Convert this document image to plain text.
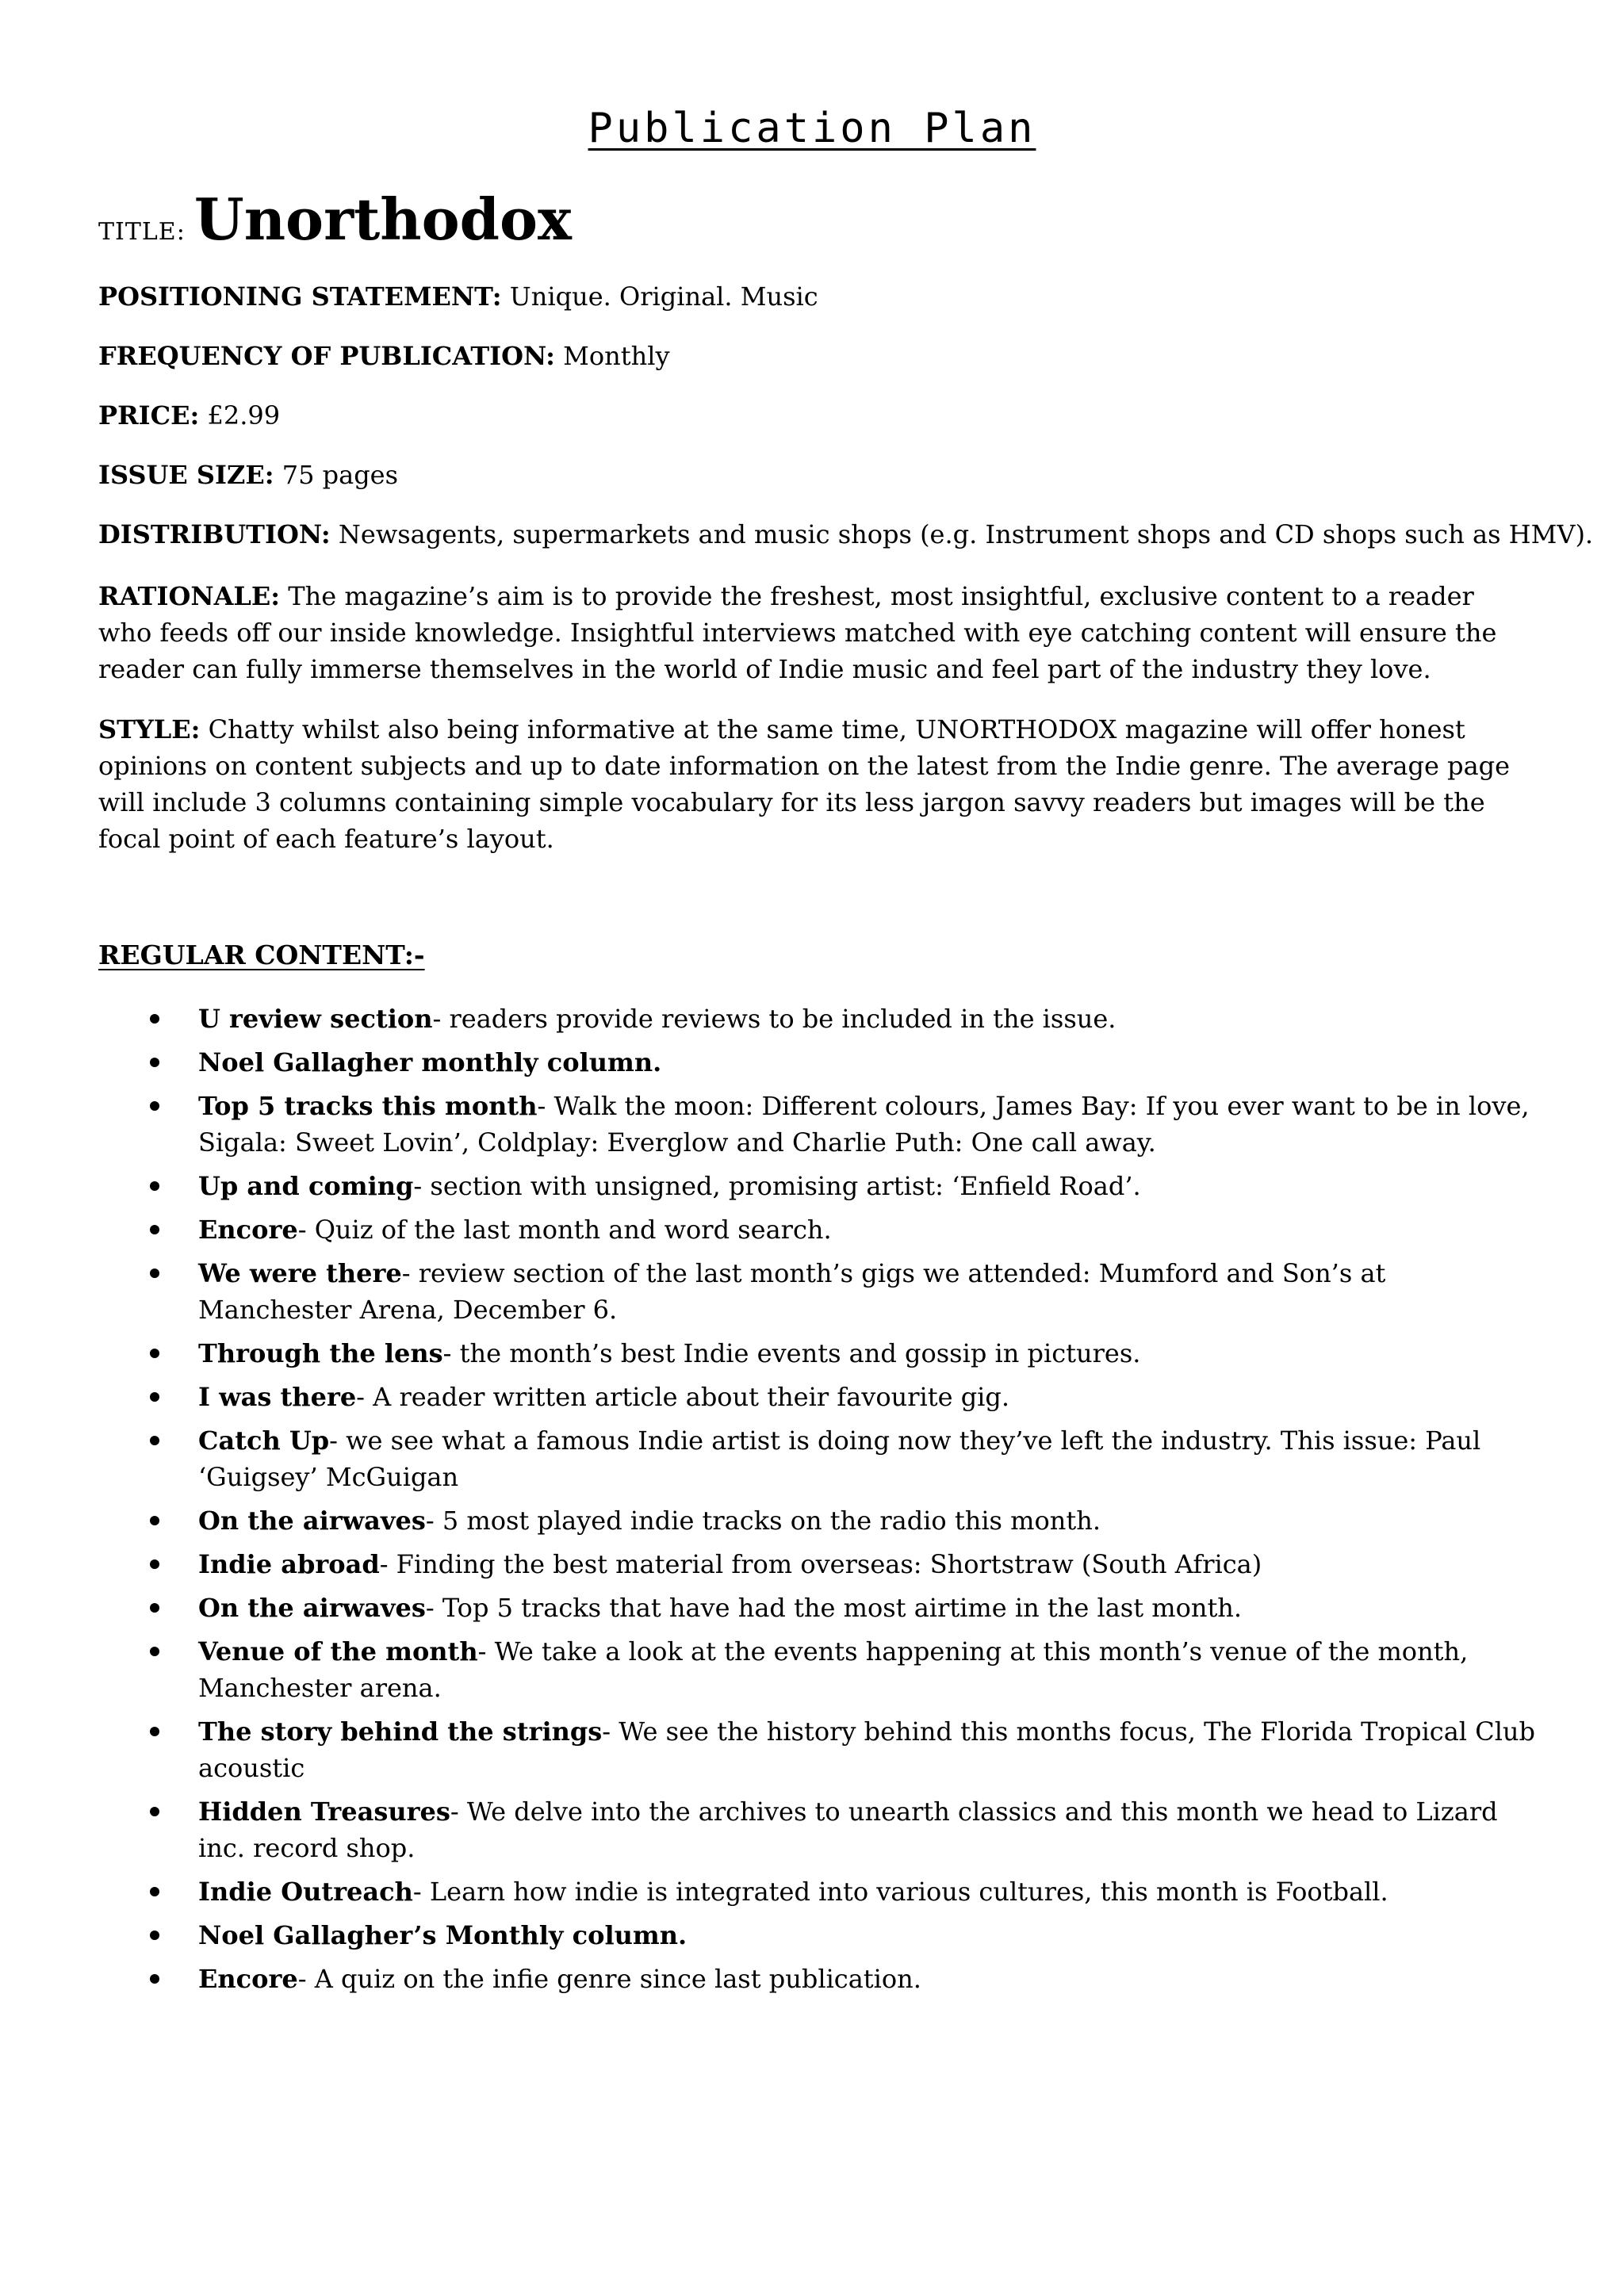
Publication Plan
TITLE: Unorthodox
POSITIONING STATEMENT: Unique. Original. Music
FREQUENCY OF PUBLICATION: Monthly
PRICE: £2.99
ISSUE SIZE: 75 pages
DISTRIBUTION: Newsagents, supermarkets and music shops (e.g. Instrument shops and CD shops such as HMV).
RATIONALE: The magazine’s aim is to provide the freshest, most insightful, exclusive content to a reader who feeds off our inside knowledge. Insightful interviews matched with eye catching content will ensure the reader can fully immerse themselves in the world of Indie music and feel part of the industry they love.
STYLE: Chatty whilst also being informative at the same time, UNORTHODOX magazine will offer honest opinions on content subjects and up to date information on the latest from the Indie genre. The average page will include 3 columns containing simple vocabulary for its less jargon savvy readers but images will be the focal point of each feature’s layout.
REGULAR CONTENT:-
U review section- readers provide reviews to be included in the issue.
Noel Gallagher monthly column.
Top 5 tracks this month- Walk the moon: Different colours, James Bay: If you ever want to be in love, Sigala: Sweet Lovin’, Coldplay: Everglow and Charlie Puth: One call away.
Up and coming- section with unsigned, promising artist: ‘Enfield Road’.
Encore- Quiz of the last month and word search.
We were there- review section of the last month’s gigs we attended: Mumford and Son’s at Manchester Arena, December 6.
Through the lens- the month’s best Indie events and gossip in pictures.
I was there- A reader written article about their favourite gig.
Catch Up- we see what a famous Indie artist is doing now they’ve left the industry. This issue: Paul ‘Guigsey’ McGuigan
On the airwaves- 5 most played indie tracks on the radio this month.
Indie abroad- Finding the best material from overseas: Shortstraw (South Africa)
On the airwaves- Top 5 tracks that have had the most airtime in the last month.
Venue of the month- We take a look at the events happening at this month’s venue of the month, Manchester arena.
The story behind the strings- We see the history behind this months focus, The Florida Tropical Club acoustic
Hidden Treasures- We delve into the archives to unearth classics and this month we head to Lizard inc. record shop.
Indie Outreach- Learn how indie is integrated into various cultures, this month is Football.
Noel Gallagher’s Monthly column.
Encore- A quiz on the infie genre since last publication.
